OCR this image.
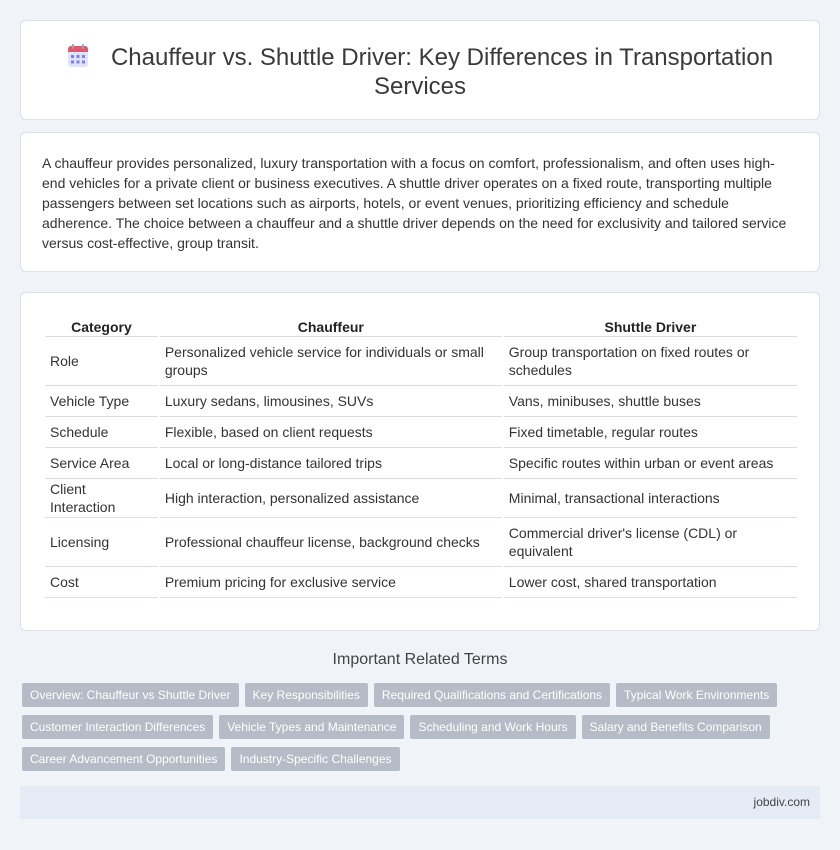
Chauffeur vs. Shuttle Driver: Key Differences in Transportation Services

A chauffeur provides personalized, luxury transportation with a focus on comfort, professionalism, and often uses high-end vehicles for a private client or business executives. A shuttle driver operates on a fixed route, transporting multiple passengers between set locations such as airports, hotels, or event venues, prioritizing efficiency and schedule adherence. The choice between a chauffeur and a shuttle driver depends on the need for exclusivity and tailored service versus cost-effective, group transit.

Category	Chauffeur	Shuttle Driver
Role	Personalized vehicle service for individuals or small groups	Group transportation on fixed routes or schedules
Vehicle Type	Luxury sedans, limousines, SUVs	Vans, minibuses, shuttle buses
Schedule	Flexible, based on client requests	Fixed timetable, regular routes
Service Area	Local or long-distance tailored trips	Specific routes within urban or event areas
Client Interaction	High interaction, personalized assistance	Minimal, transactional interactions
Licensing	Professional chauffeur license, background checks	Commercial driver's license (CDL) or equivalent
Cost	Premium pricing for exclusive service	Lower cost, shared transportation
Important Related Terms
Overview: Chauffeur vs Shuttle Driver	Key Responsibilities	Required Qualifications and Certifications	Typical Work Environments
Customer Interaction Differences	Vehicle Types and Maintenance	Scheduling and Work Hours	Salary and Benefits Comparison
Career Advancement Opportunities	Industry-Specific Challenges
jobdiv.com
